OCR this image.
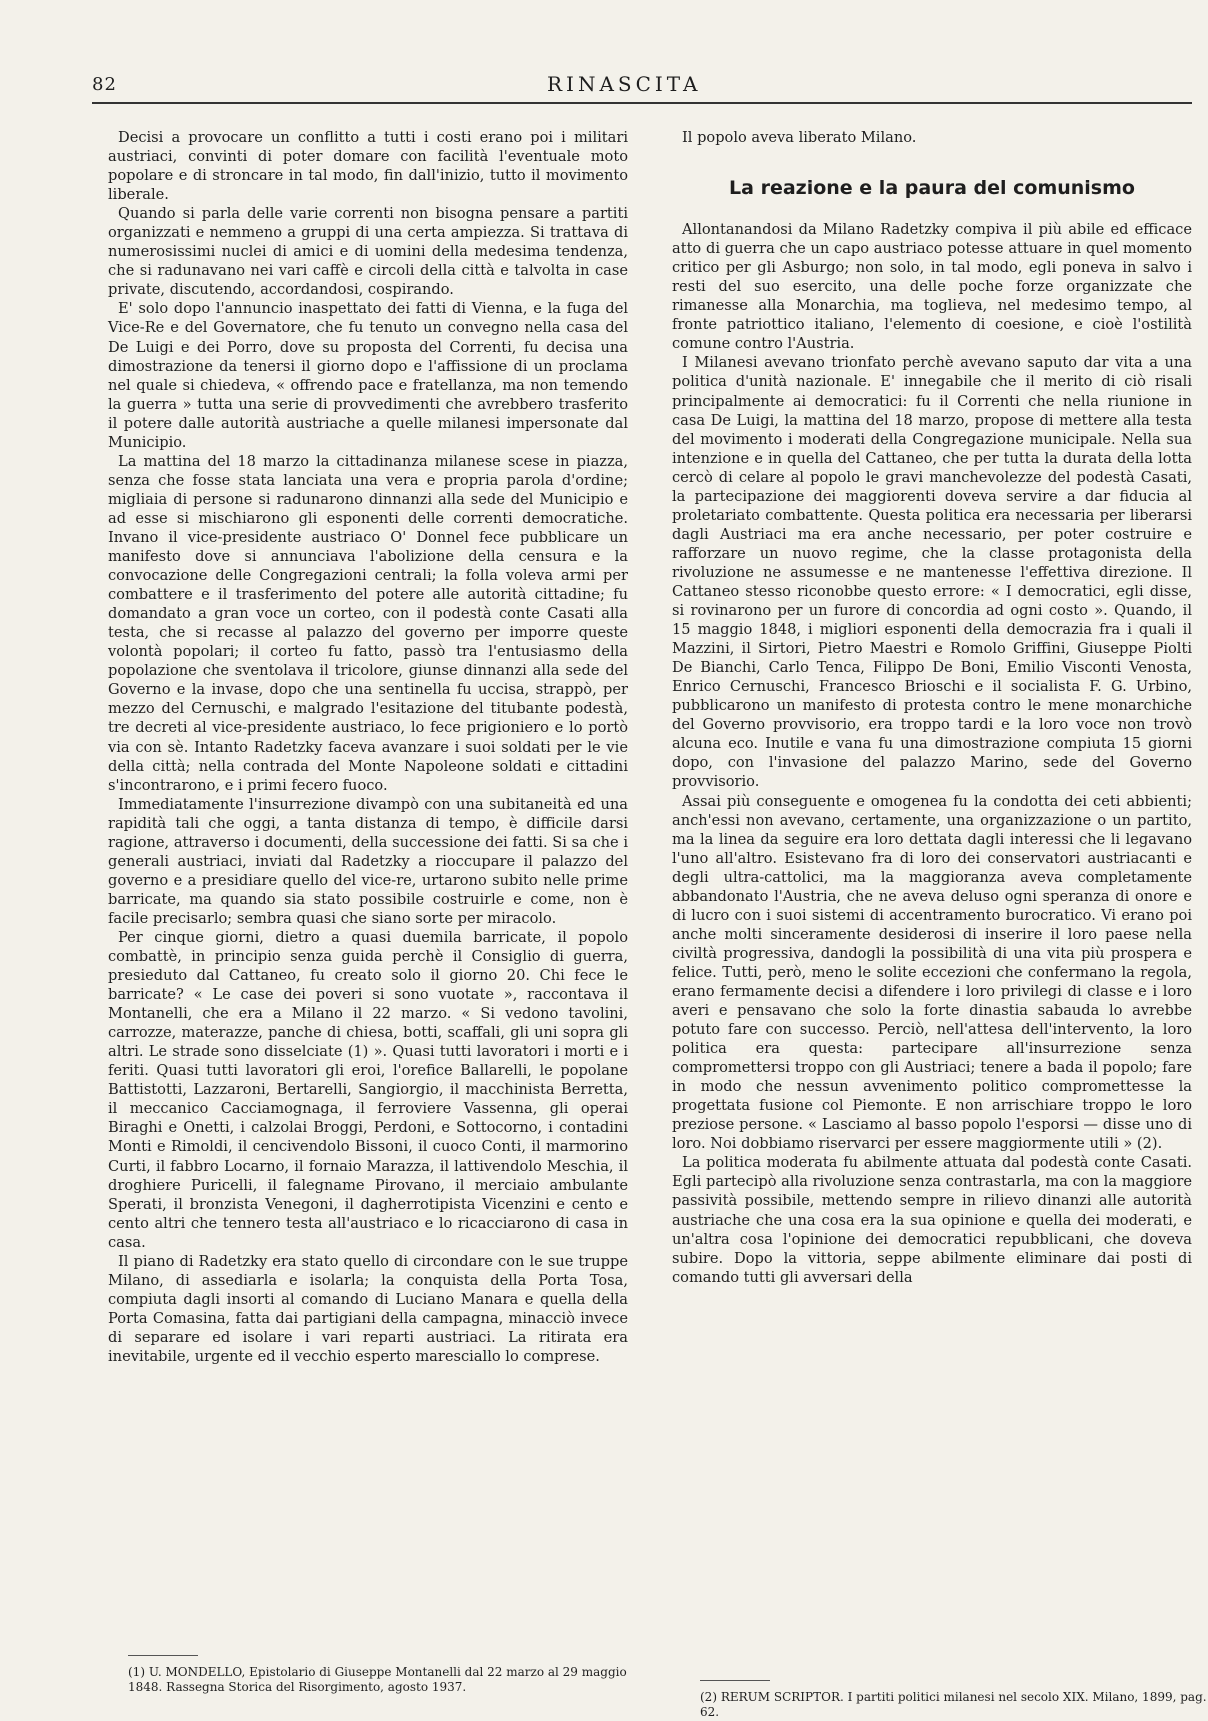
82	RINASCITA

Decisi a provocare un conflitto a tutti i costi erano poi i militari austriaci, convinti di poter domare con facilità l'eventuale moto popolare e di stroncare in tal modo, fin dall'inizio, tutto il movimento liberale.

Quando si parla delle varie correnti non bisogna pensare a partiti organizzati e nemmeno a gruppi di una certa ampiezza. Si trattava di numerosissimi nuclei di amici e di uomini della medesima tendenza, che si radunavano nei vari caffè e circoli della città e talvolta in case private, discutendo, accordandosi, cospirando.

E' solo dopo l'annuncio inaspettato dei fatti di Vienna, e la fuga del Vice-Re e del Governatore, che fu tenuto un convegno nella casa del De Luigi e dei Porro, dove su proposta del Correnti, fu decisa una dimostrazione da tenersi il giorno dopo e l'affissione di un proclama nel quale si chiedeva, « offrendo pace e fratellanza, ma non temendo la guerra » tutta una serie di provvedimenti che avrebbero trasferito il potere dalle autorità austriache a quelle milanesi impersonate dal Municipio.

La mattina del 18 marzo la cittadinanza milanese scese in piazza, senza che fosse stata lanciata una vera e propria parola d'ordine; migliaia di persone si radunarono dinnanzi alla sede del Municipio e ad esse si mischiarono gli esponenti delle correnti democratiche. Invano il vice-presidente austriaco O' Donnel fece pubblicare un manifesto dove si annunciava l'abolizione della censura e la convocazione delle Congregazioni centrali; la folla voleva armi per combattere e il trasferimento del potere alle autorità cittadine; fu domandato a gran voce un corteo, con il podestà conte Casati alla testa, che si recasse al palazzo del governo per imporre queste volontà popolari; il corteo fu fatto, passò tra l'entusiasmo della popolazione che sventolava il tricolore, giunse dinnanzi alla sede del Governo e la invase, dopo che una sentinella fu uccisa, strappò, per mezzo del Cernuschi, e malgrado l'esitazione del titubante podestà, tre decreti al vice-presidente austriaco, lo fece prigioniero e lo portò via con sè. Intanto Radetzky faceva avanzare i suoi soldati per le vie della città; nella contrada del Monte Napoleone soldati e cittadini s'incontrarono, e i primi fecero fuoco.

Immediatamente l'insurrezione divampò con una subitaneità ed una rapidità tali che oggi, a tanta distanza di tempo, è difficile darsi ragione, attraverso i documenti, della successione dei fatti. Si sa che i generali austriaci, inviati dal Radetzky a rioccupare il palazzo del governo e a presidiare quello del vice-re, urtarono subito nelle prime barricate, ma quando sia stato possibile costruirle e come, non è facile precisarlo; sembra quasi che siano sorte per miracolo.

Per cinque giorni, dietro a quasi duemila barricate, il popolo combattè, in principio senza guida perchè il Consiglio di guerra, presieduto dal Cattaneo, fu creato solo il giorno 20. Chi fece le barricate? « Le case dei poveri si sono vuotate », raccontava il Montanelli, che era a Milano il 22 marzo. « Si vedono tavolini, carrozze, materazze, panche di chiesa, botti, scaffali, gli uni sopra gli altri. Le strade sono disselciate (1) ». Quasi tutti lavoratori i morti e i feriti. Quasi tutti lavoratori gli eroi, l'orefice Ballarelli, le popolane Battistotti, Lazzaroni, Bertarelli, Sangiorgio, il macchinista Berretta, il meccanico Cacciamognaga, il ferroviere Vassenna, gli operai Biraghi e Onetti, i calzolai Broggi, Perdoni, e Sottocorno, i contadini Monti e Rimoldi, il cencivendolo Bissoni, il cuoco Conti, il marmorino Curti, il fabbro Locarno, il fornaio Marazza, il lattivendolo Meschia, il droghiere Puricelli, il falegname Pirovano, il merciaio ambulante Sperati, il bronzista Venegoni, il dagherrotipista Vicenzini e cento e cento altri che tennero testa all'austriaco e lo ricacciarono di casa in casa.

Il piano di Radetzky era stato quello di circondare con le sue truppe Milano, di assediarla e isolarla; la conquista della Porta Tosa, compiuta dagli insorti al comando di Luciano Manara e quella della Porta Comasina, fatta dai partigiani della campagna, minacciò invece di separare ed isolare i vari reparti austriaci. La ritirata era inevitabile, urgente ed il vecchio esperto maresciallo lo comprese.

Il popolo aveva liberato Milano.

La reazione e la paura del comunismo

Allontanandosi da Milano Radetzky compiva il più abile ed efficace atto di guerra che un capo austriaco potesse attuare in quel momento critico per gli Asburgo; non solo, in tal modo, egli poneva in salvo i resti del suo esercito, una delle poche forze organizzate che rimanesse alla Monarchia, ma toglieva, nel medesimo tempo, al fronte patriottico italiano, l'elemento di coesione, e cioè l'ostilità comune contro l'Austria.

I Milanesi avevano trionfato perchè avevano saputo dar vita a una politica d'unità nazionale. E' innegabile che il merito di ciò risali principalmente ai democratici: fu il Correnti che nella riunione in casa De Luigi, la mattina del 18 marzo, propose di mettere alla testa del movimento i moderati della Congregazione municipale. Nella sua intenzione e in quella del Cattaneo, che per tutta la durata della lotta cercò di celare al popolo le gravi manchevolezze del podestà Casati, la partecipazione dei maggiorenti doveva servire a dar fiducia al proletariato combattente. Questa politica era necessaria per liberarsi dagli Austriaci ma era anche necessario, per poter costruire e rafforzare un nuovo regime, che la classe protagonista della rivoluzione ne assumesse e ne mantenesse l'effettiva direzione. Il Cattaneo stesso riconobbe questo errore: « I democratici, egli disse, si rovinarono per un furore di concordia ad ogni costo ». Quando, il 15 maggio 1848, i migliori esponenti della democrazia fra i quali il Mazzini, il Sirtori, Pietro Maestri e Romolo Griffini, Giuseppe Piolti De Bianchi, Carlo Tenca, Filippo De Boni, Emilio Visconti Venosta, Enrico Cernuschi, Francesco Brioschi e il socialista F. G. Urbino, pubblicarono un manifesto di protesta contro le mene monarchiche del Governo provvisorio, era troppo tardi e la loro voce non trovò alcuna eco. Inutile e vana fu una dimostrazione compiuta 15 giorni dopo, con l'invasione del palazzo Marino, sede del Governo provvisorio.

Assai più conseguente e omogenea fu la condotta dei ceti abbienti; anch'essi non avevano, certamente, una organizzazione o un partito, ma la linea da seguire era loro dettata dagli interessi che li legavano l'uno all'altro. Esistevano fra di loro dei conservatori austriacanti e degli ultra-cattolici, ma la maggioranza aveva completamente abbandonato l'Austria, che ne aveva deluso ogni speranza di onore e di lucro con i suoi sistemi di accentramento burocratico. Vi erano poi anche molti sinceramente desiderosi di inserire il loro paese nella civiltà progressiva, dandogli la possibilità di una vita più prospera e felice. Tutti, però, meno le solite eccezioni che confermano la regola, erano fermamente decisi a difendere i loro privilegi di classe e i loro averi e pensavano che solo la forte dinastia sabauda lo avrebbe potuto fare con successo. Perciò, nell'attesa dell'intervento, la loro politica era questa: partecipare all'insurrezione senza compromettersi troppo con gli Austriaci; tenere a bada il popolo; fare in modo che nessun avvenimento politico compromettesse la progettata fusione col Piemonte. E non arrischiare troppo le loro preziose persone. « Lasciamo al basso popolo l'esporsi — disse uno di loro. Noi dobbiamo riservarci per essere maggiormente utili » (2).

La politica moderata fu abilmente attuata dal podestà conte Casati. Egli partecipò alla rivoluzione senza contrastarla, ma con la maggiore passività possibile, mettendo sempre in rilievo dinanzi alle autorità austriache che una cosa era la sua opinione e quella dei moderati, e un'altra cosa l'opinione dei democratici repubblicani, che doveva subire. Dopo la vittoria, seppe abilmente eliminare dai posti di comando tutti gli avversari della

(1) U. MONDELLO, Epistolario di Giuseppe Montanelli dal 22 marzo al 29 maggio 1848. Rassegna Storica del Risorgimento, agosto 1937.
(2) RERUM SCRIPTOR. I partiti politici milanesi nel secolo XIX. Milano, 1899, pag. 62.
